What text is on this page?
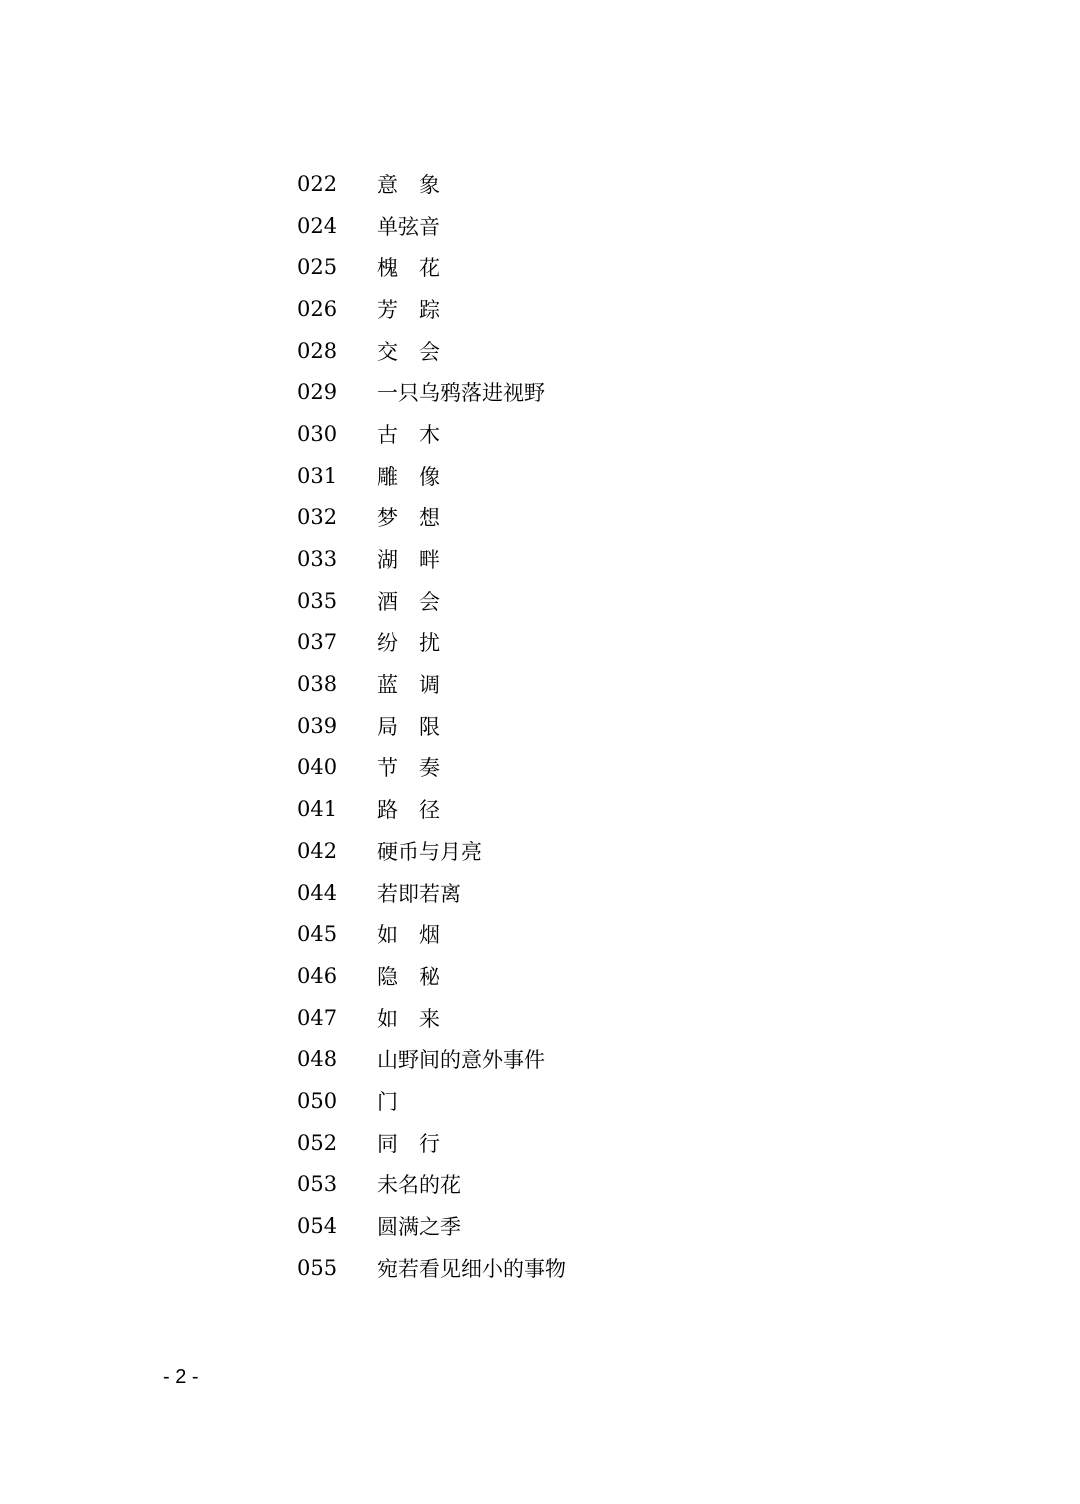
022	意　象
024	单弦音
025	槐　花
026	芳　踪
028	交　会
029	一只乌鸦落进视野
030	古　木
031	雕　像
032	梦　想
033	湖　畔
035	酒　会
037	纷　扰
038	蓝　调
039	局　限
040	节　奏
041	路　径
042	硬币与月亮
044	若即若离
045	如　烟
046	隐　秘
047	如　来
048	山野间的意外事件
050	门
052	同　行
053	未名的花
054	圆满之季
055	宛若看见细小的事物
- 2 -
